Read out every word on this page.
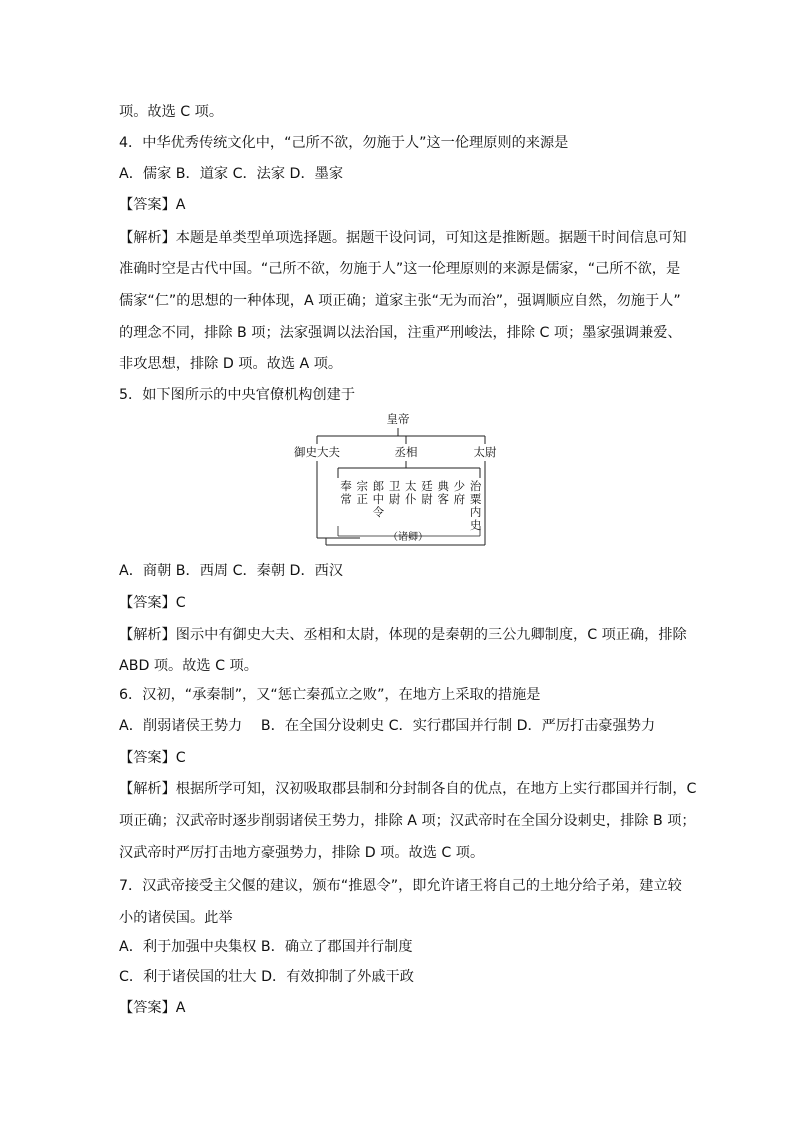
项。故选 C 项。
4．中华优秀传统文化中，“己所不欲，勿施于人”这一伦理原则的来源是
A．儒家 B．道家 C．法家 D．墨家
【答案】A
【解析】本题是单类型单项选择题。据题干设问词，可知这是推断题。据题干时间信息可知
准确时空是古代中国。“己所不欲，勿施于人”这一伦理原则的来源是儒家，“己所不欲，是
儒家“仁”的思想的一种体现，A 项正确；道家主张“无为而治”，强调顺应自然，勿施于人”
的理念不同，排除 B 项；法家强调以法治国，注重严刑峻法，排除 C 项；墨家强调兼爱、
非攻思想，排除 D 项。故选 A 项。
5．如下图所示的中央官僚机构创建于
皇帝
御史大夫	丞相	太尉
（诸卿）
奉
常
宗
正
郎
中
令
卫
尉
太
仆
廷
尉
典
客
少
府
治
粟
内
史
A．商朝 B．西周 C．秦朝 D．西汉
【答案】C
【解析】图示中有御史大夫、丞相和太尉，体现的是秦朝的三公九卿制度，C 项正确，排除
ABD 项。故选 C 项。
6．汉初，“承秦制”，又“惩亡秦孤立之败”，在地方上采取的措施是
A．削弱诸侯王势力　 B．在全国分设刺史 C．实行郡国并行制 D．严厉打击豪强势力
【答案】C
【解析】根据所学可知，汉初吸取郡县制和分封制各自的优点，在地方上实行郡国并行制，C
项正确；汉武帝时逐步削弱诸侯王势力，排除 A 项；汉武帝时在全国分设刺史，排除 B 项；
汉武帝时严厉打击地方豪强势力，排除 D 项。故选 C 项。
7．汉武帝接受主父偃的建议，颁布“推恩令”，即允许诸王将自己的土地分给子弟，建立较
小的诸侯国。此举
A．利于加强中央集权 B．确立了郡国并行制度
C．利于诸侯国的壮大 D．有效抑制了外戚干政
【答案】A
